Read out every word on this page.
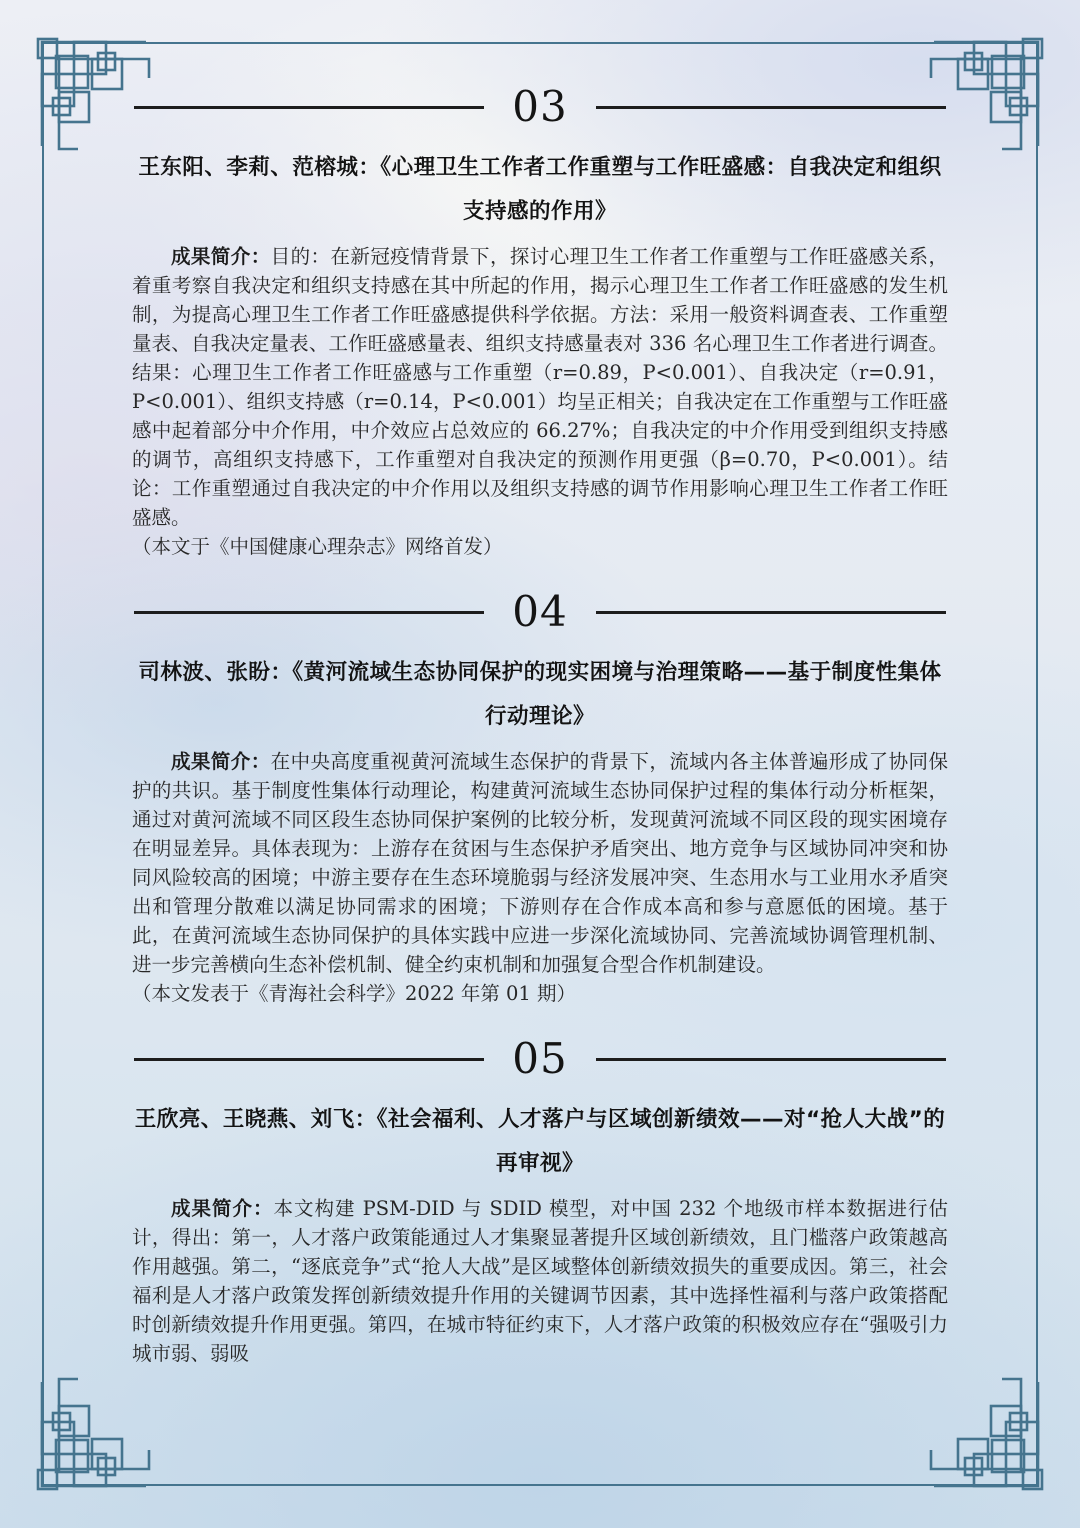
03
王东阳、李莉、范榕城：《心理卫生工作者工作重塑与工作旺盛感：自我决定和组织支持感的作用》

成果简介：目的：在新冠疫情背景下，探讨心理卫生工作者工作重塑与工作旺盛感关系，着重考察自我决定和组织支持感在其中所起的作用，揭示心理卫生工作者工作旺盛感的发生机制，为提高心理卫生工作者工作旺盛感提供科学依据。方法：采用一般资料调查表、工作重塑量表、自我决定量表、工作旺盛感量表、组织支持感量表对 336 名心理卫生工作者进行调查。结果：心理卫生工作者工作旺盛感与工作重塑（r=0.89，P<0.001）、自我决定（r=0.91，P<0.001）、组织支持感（r=0.14，P<0.001）均呈正相关；自我决定在工作重塑与工作旺盛感中起着部分中介作用，中介效应占总效应的 66.27%；自我决定的中介作用受到组织支持感的调节，高组织支持感下，工作重塑对自我决定的预测作用更强（β=0.70，P<0.001）。结论：工作重塑通过自我决定的中介作用以及组织支持感的调节作用影响心理卫生工作者工作旺盛感。

（本文于《中国健康心理杂志》网络首发）

04
司林波、张盼：《黄河流域生态协同保护的现实困境与治理策略——基于制度性集体行动理论》

成果简介：在中央高度重视黄河流域生态保护的背景下，流域内各主体普遍形成了协同保护的共识。基于制度性集体行动理论，构建黄河流域生态协同保护过程的集体行动分析框架，通过对黄河流域不同区段生态协同保护案例的比较分析，发现黄河流域不同区段的现实困境存在明显差异。具体表现为：上游存在贫困与生态保护矛盾突出、地方竞争与区域协同冲突和协同风险较高的困境；中游主要存在生态环境脆弱与经济发展冲突、生态用水与工业用水矛盾突出和管理分散难以满足协同需求的困境；下游则存在合作成本高和参与意愿低的困境。基于此，在黄河流域生态协同保护的具体实践中应进一步深化流域协同、完善流域协调管理机制、进一步完善横向生态补偿机制、健全约束机制和加强复合型合作机制建设。

（本文发表于《青海社会科学》2022 年第 01 期）

05
王欣亮、王晓燕、刘飞：《社会福利、人才落户与区域创新绩效——对“抢人大战”的再审视》

成果简介：本文构建 PSM-DID 与 SDID 模型，对中国 232 个地级市样本数据进行估计，得出：第一，人才落户政策能通过人才集聚显著提升区域创新绩效，且门槛落户政策越高作用越强。第二，“逐底竞争”式“抢人大战”是区域整体创新绩效损失的重要成因。第三，社会福利是人才落户政策发挥创新绩效提升作用的关键调节因素，其中选择性福利与落户政策搭配时创新绩效提升作用更强。第四，在城市特征约束下，人才落户政策的积极效应存在“强吸引力城市弱、弱吸
